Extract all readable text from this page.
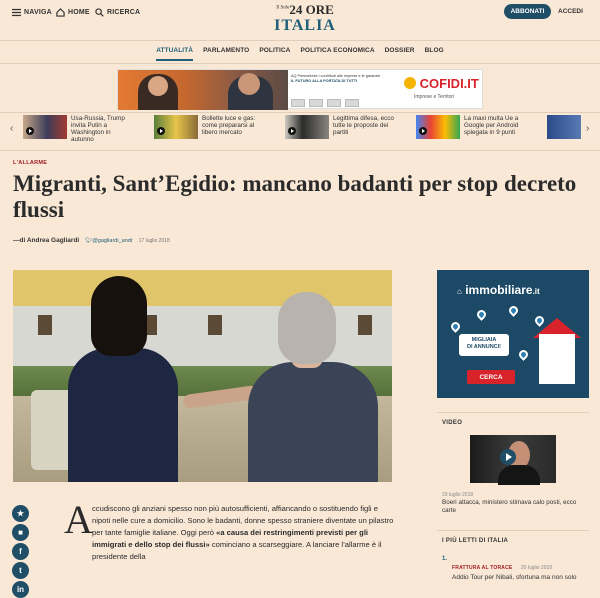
NAVIGA HOME RICERCA
$^{Il Sole}$24 ORE
ITALIA
ABBONATI	ACCEDI
ATTUALITÀ PARLAMENTO POLITICA POLITICA ECONOMICA DOSSIER BLOG
AQ Piemontese i contributi alle imprese e le garanzie
IL FUTURO ALLA PORTATA DI TUTTI	COFIDI.IT
Imprese e Territori
‹
Usa-Russia, Trump invita Putin a Washington in autunno
Bollette luce e gas: come prepararsi al libero mercato
Legittima difesa, ecco tutte le proposte dei partiti
La maxi multa Ue a Google per Android spiegata in 9 punti	›
L'ALLARME
Migranti, Sant’Egidio: mancano badanti per stop decreto flussi
—di Andrea Gagliardi 🐦︎@gagliardi_andr 17 luglio 2018
★
■
f
t
in
A ccudiscono gli anziani spesso non più autosufficienti, affiancando o sostituendo figli e nipoti nelle cure a domicilio. Sono le badanti, donne spesso straniere diventate un pilastro per tante famiglie italiane. Oggi però «a causa dei restringimenti previsti per gli immigrati e dello stop dei flussi» cominciano a scarseggiare. A lanciare l’allarme è il presidente della

⌂ immobiliare.it
MIGLIAIA
DI ANNUNCI!
CERCA
VIDEO
20 luglio 2018
Boeri attacca, ministero stimava calo posti, ecco carte
I PIÙ LETTI DI ITALIA
1.
FRATTURA AL TORACE 20 luglio 2018
Addio Tour per Nibali, sfortuna ma non solo
